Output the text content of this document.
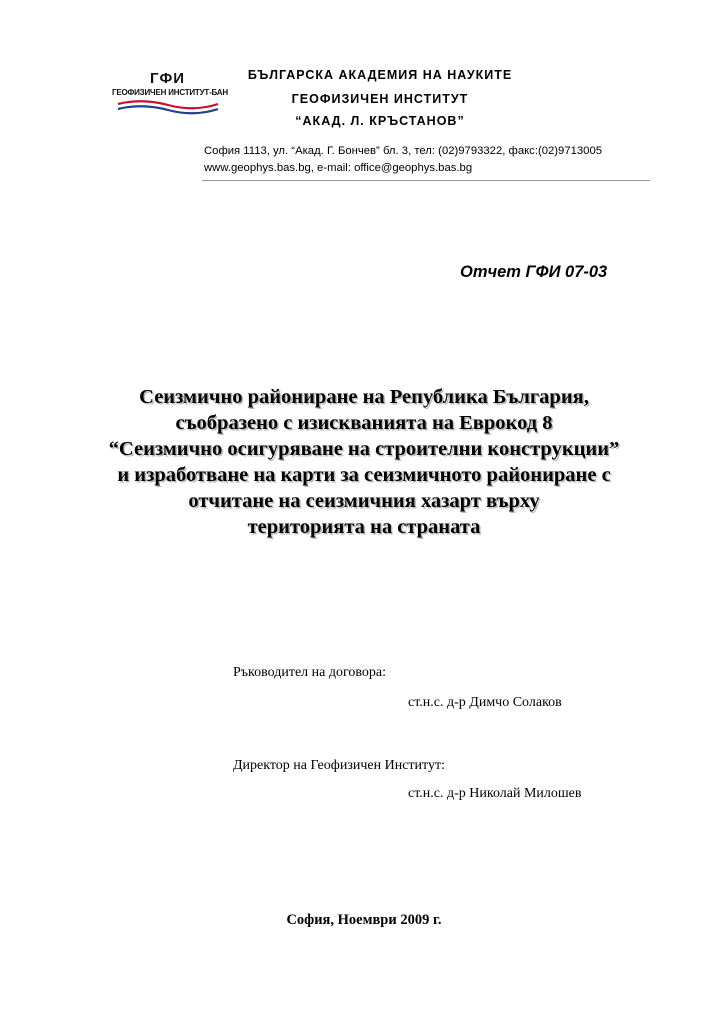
ГФИ
ГЕОФИЗИЧЕН ИНСТИТУТ-БАН
БЪЛГАРСКА АКАДЕМИЯ НА НАУКИТЕ
ГЕОФИЗИЧЕН ИНСТИТУТ
“АКАД. Л. КРЪСТАНОВ”
София 1113, ул. “Акад. Г. Бончев” бл. 3, тел: (02)9793322, факс:(02)9713005
www.geophys.bas.bg, e-mail: office@geophys.bas.bg
Отчет ГФИ 07-03
Сеизмично райониране на Република България,
съобразено с изискванията на Еврокод 8
“Сеизмично осигуряване на строителни конструкции”
и изработване на карти за сеизмичното райониране с
отчитане на сеизмичния хазарт върху
територията на страната
Ръководител на договора:
ст.н.с. д-р Димчо Солаков
Директор на Геофизичен Институт:
ст.н.с. д-р Николай Милошев
София, Ноември 2009 г.
